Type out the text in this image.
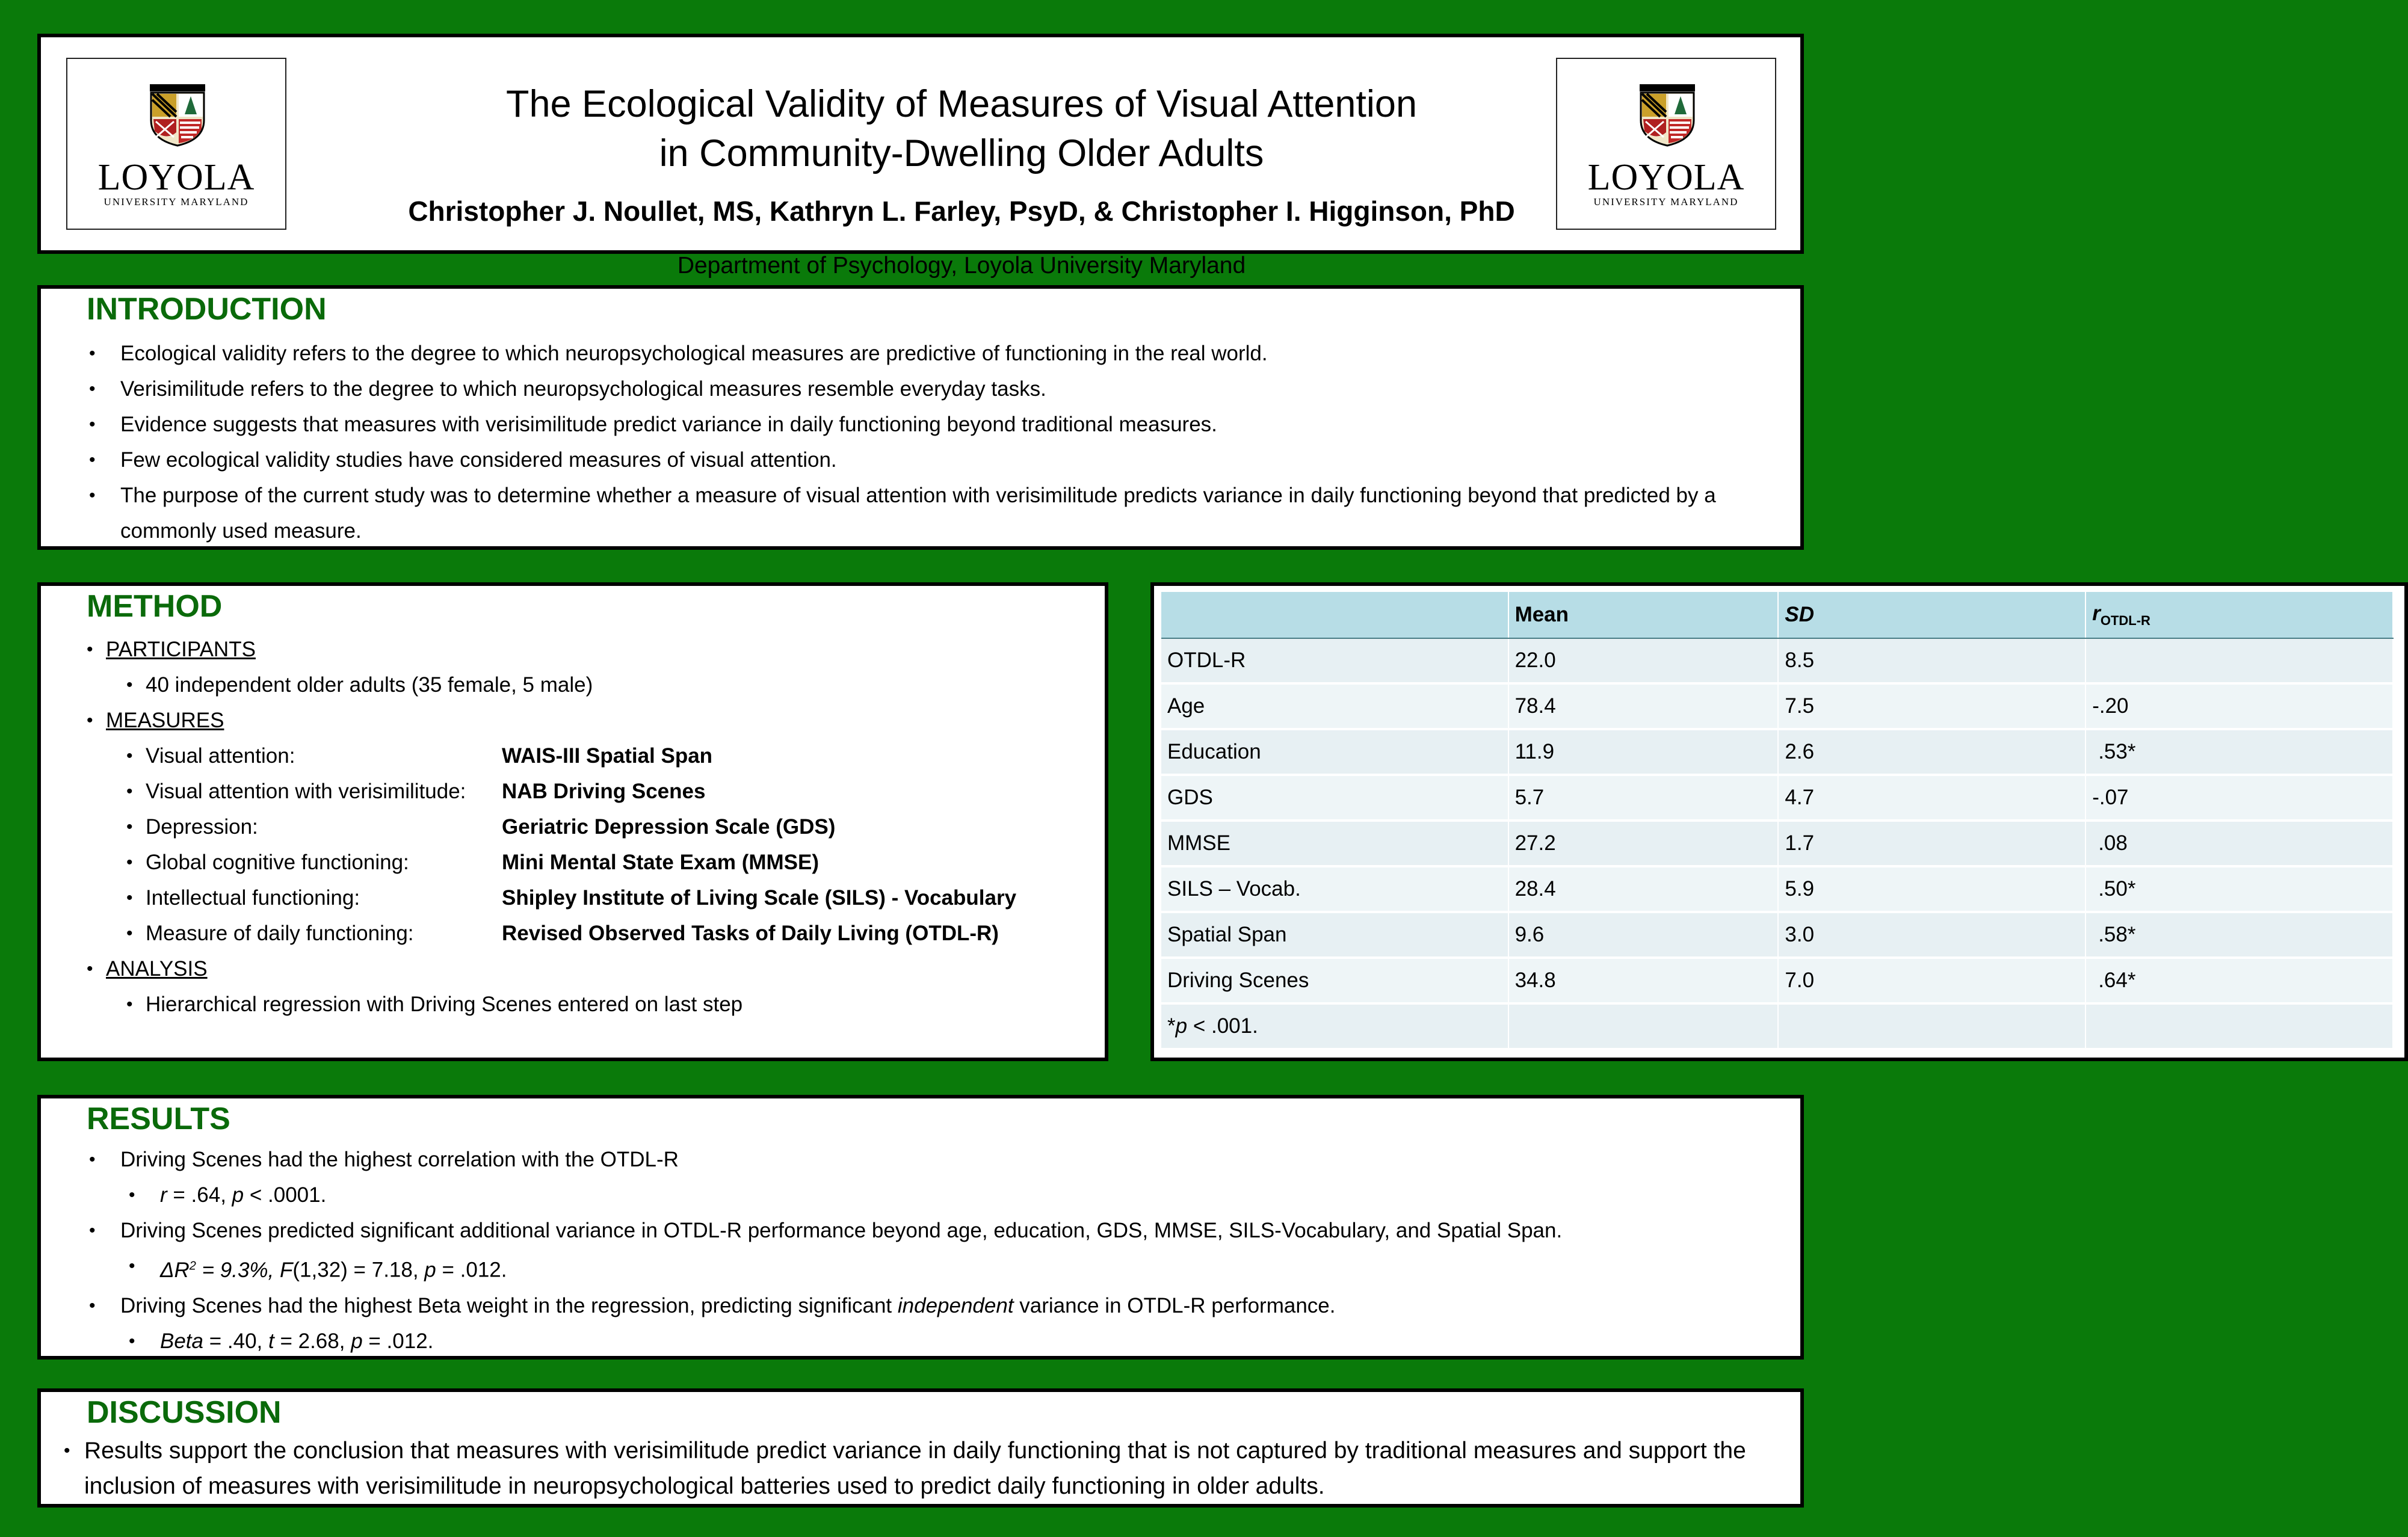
LOYOLA
UNIVERSITY MARYLAND
The Ecological Validity of Measures of Visual Attention
in Community-Dwelling Older Adults
Christopher J. Noullet, MS, Kathryn L. Farley, PsyD, & Christopher I. Higginson, PhD
Department of Psychology, Loyola University Maryland
LOYOLA
UNIVERSITY MARYLAND
INTRODUCTION
• Ecological validity refers to the degree to which neuropsychological measures are predictive of functioning in the real world.
• Verisimilitude refers to the degree to which neuropsychological measures resemble everyday tasks.
• Evidence suggests that measures with verisimilitude predict variance in daily functioning beyond traditional measures.
• Few ecological validity studies have considered measures of visual attention.
• The purpose of the current study was to determine whether a measure of visual attention with verisimilitude predicts variance in daily functioning beyond that predicted by a commonly used measure.
METHOD
• PARTICIPANTS
• 40 independent older adults (35 female, 5 male)
• MEASURES
• Visual attention:	WAIS-III Spatial Span
• Visual attention with verisimilitude: NAB Driving Scenes
• Depression:	Geriatric Depression Scale (GDS)
• Global cognitive functioning:	Mini Mental State Exam (MMSE)
• Intellectual functioning:	Shipley Institute of Living Scale (SILS) - Vocabulary
• Measure of daily functioning:	Revised Observed Tasks of Daily Living (OTDL-R)
• ANALYSIS
• Hierarchical regression with Driving Scenes entered on last step
	Mean	SD	$r_{OTDL-R}$
OTDL-R	22.0	8.5	
Age	78.4	7.5	-.20
Education	11.9	2.6	.53*
GDS	5.7	4.7	-.07
MMSE	27.2	1.7	.08
SILS – Vocab.	28.4	5.9	.50*
Spatial Span	9.6	3.0	.58*
Driving Scenes	34.8	7.0	.64*
*p < .001.			
RESULTS
• Driving Scenes had the highest correlation with the OTDL-R
• r = .64, p < .0001.
• Driving Scenes predicted significant additional variance in OTDL-R performance beyond age, education, GDS, MMSE, SILS-Vocabulary, and Spatial Span.
• $\Delta R^2 = 9.3\%$, F(1,32) = 7.18, p = .012.
• Driving Scenes had the highest Beta weight in the regression, predicting significant independent variance in OTDL-R performance.
• Beta = .40, t = 2.68, p = .012.
DISCUSSION
• Results support the conclusion that measures with verisimilitude predict variance in daily functioning that is not captured by traditional measures and support the inclusion of measures with verisimilitude in neuropsychological batteries used to predict daily functioning in older adults.
